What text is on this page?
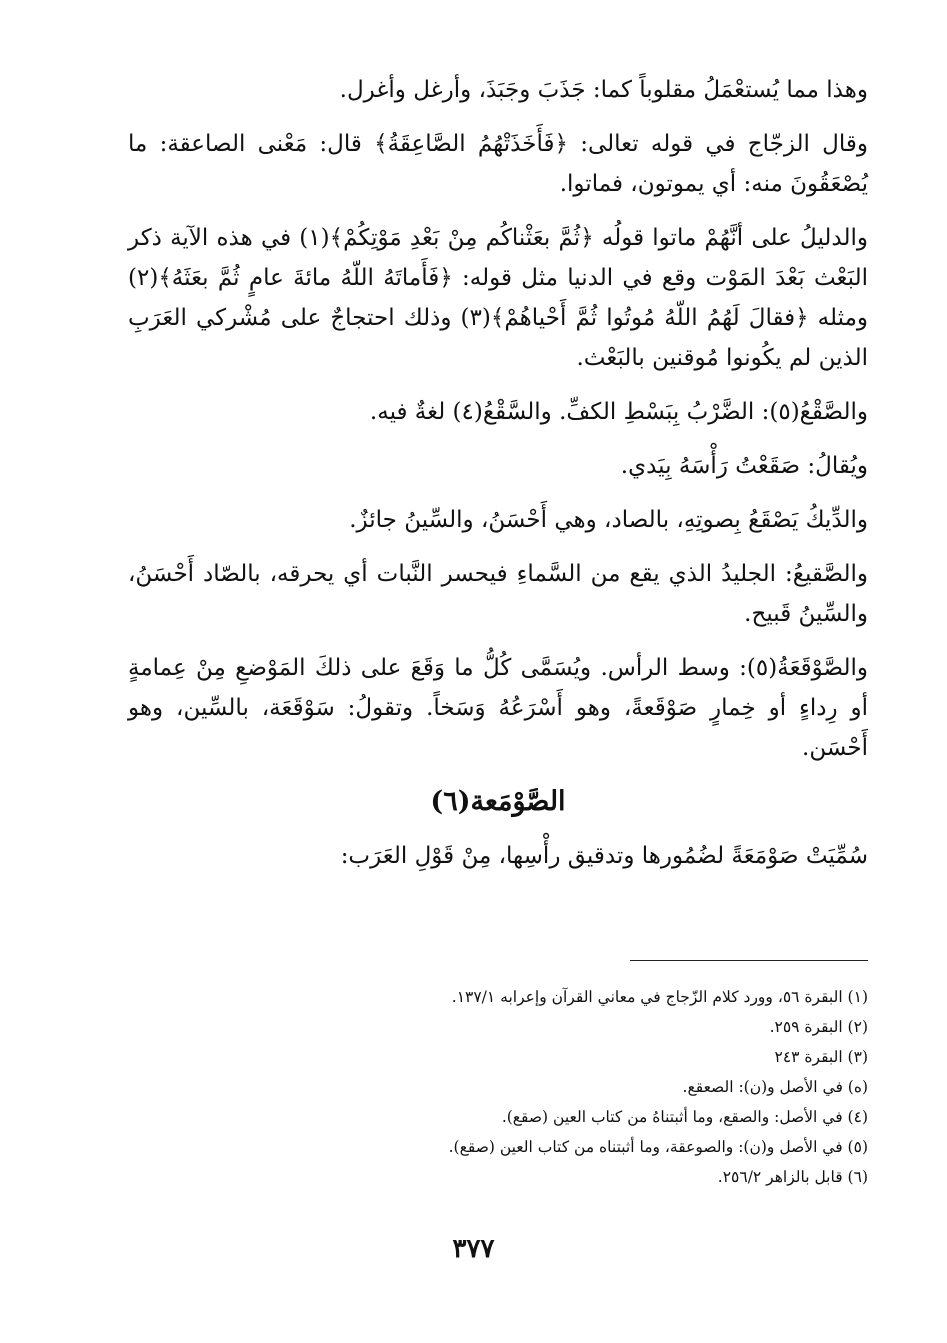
وهذا مما يُستعْمَلُ مقلوباً كما: جَذَبَ وجَبَذَ، وأرغل وأغرل.

وقال الزجّاج في قوله تعالى: ﴿فَأَخَذَتْهُمُ الصَّاعِقَةُ﴾ قال: مَعْنى الصاعقة: ما يُصْعَقُونَ منه: أي يموتون، فماتوا.

والدليلُ على أنَّهُمْ ماتوا قولُه ﴿ثُمَّ بعَثْناكُم مِنْ بَعْدِ مَوْتِكُمْ﴾(١) في هذه الآية ذكر البَعْث بَعْدَ المَوْت وقع في الدنيا مثل قوله: ﴿فَأَماتَهُ اللّهُ مائةَ عامٍ ثُمَّ بعَثَهُ﴾(٢) ومثله ﴿فقالَ لَهُمُ اللّهُ مُوتُوا ثُمَّ أَحْياهُمْ﴾(٣) وذلك احتجاجٌ على مُشْركي العَرَبِ الذين لم يكُونوا مُوقنين بالبَعْث.

والصَّقْعُ(٥): الضَّرْبُ بِبَسْطِ الكفِّ. والسَّقْعُ(٤) لغةٌ فيه.

ويُقالُ: صَقَعْتُ رَأْسَهُ بِيَدي.

والدِّيكُ يَصْقَعُ بِصوتِهِ، بالصاد، وهي أَحْسَنُ، والسِّينُ جائزٌ.

والصَّقيعُ: الجليدُ الذي يقع من السَّماءِ فيحسر النَّبات أي يحرقه، بالصّاد أَحْسَنُ، والسِّينُ قَبيح.

والصَّوْقَعَةُ(٥): وسط الرأس. ويُسَمَّى كُلُّ ما وَقَعَ على ذلكَ المَوْضعِ مِنْ عِمامةٍ أو رِداءٍ أو خِمارٍ صَوْقَعةً، وهو أَسْرَعُهُ وَسَخاً. وتقولُ: سَوْقَعَة، بالسِّين، وهو أَحْسَن.

الصَّوْمَعة(٦)

سُمِّيَتْ صَوْمَعَةً لضُمُورها وتدقيق رأْسِها، مِنْ قَوْلِ العَرَب:

(١) البقرة ٥٦، وورد كلام الزّجاج في معاني القرآن وإعرابه ١٣٧/١.

(٢) البقرة ٢٥٩.

(٣) البقرة ٢٤٣

(ه) في الأصل و(ن): الصعقع.

(٤) في الأصل: والصقع، وما أثبتناهُ من كتاب العين (صقع).

(٥) في الأصل و(ن): والصوعقة، وما أثبتناه من كتاب العين (صقع).

(٦) قابل بالزاهر ٢٥٦/٢.

٣٧٧
